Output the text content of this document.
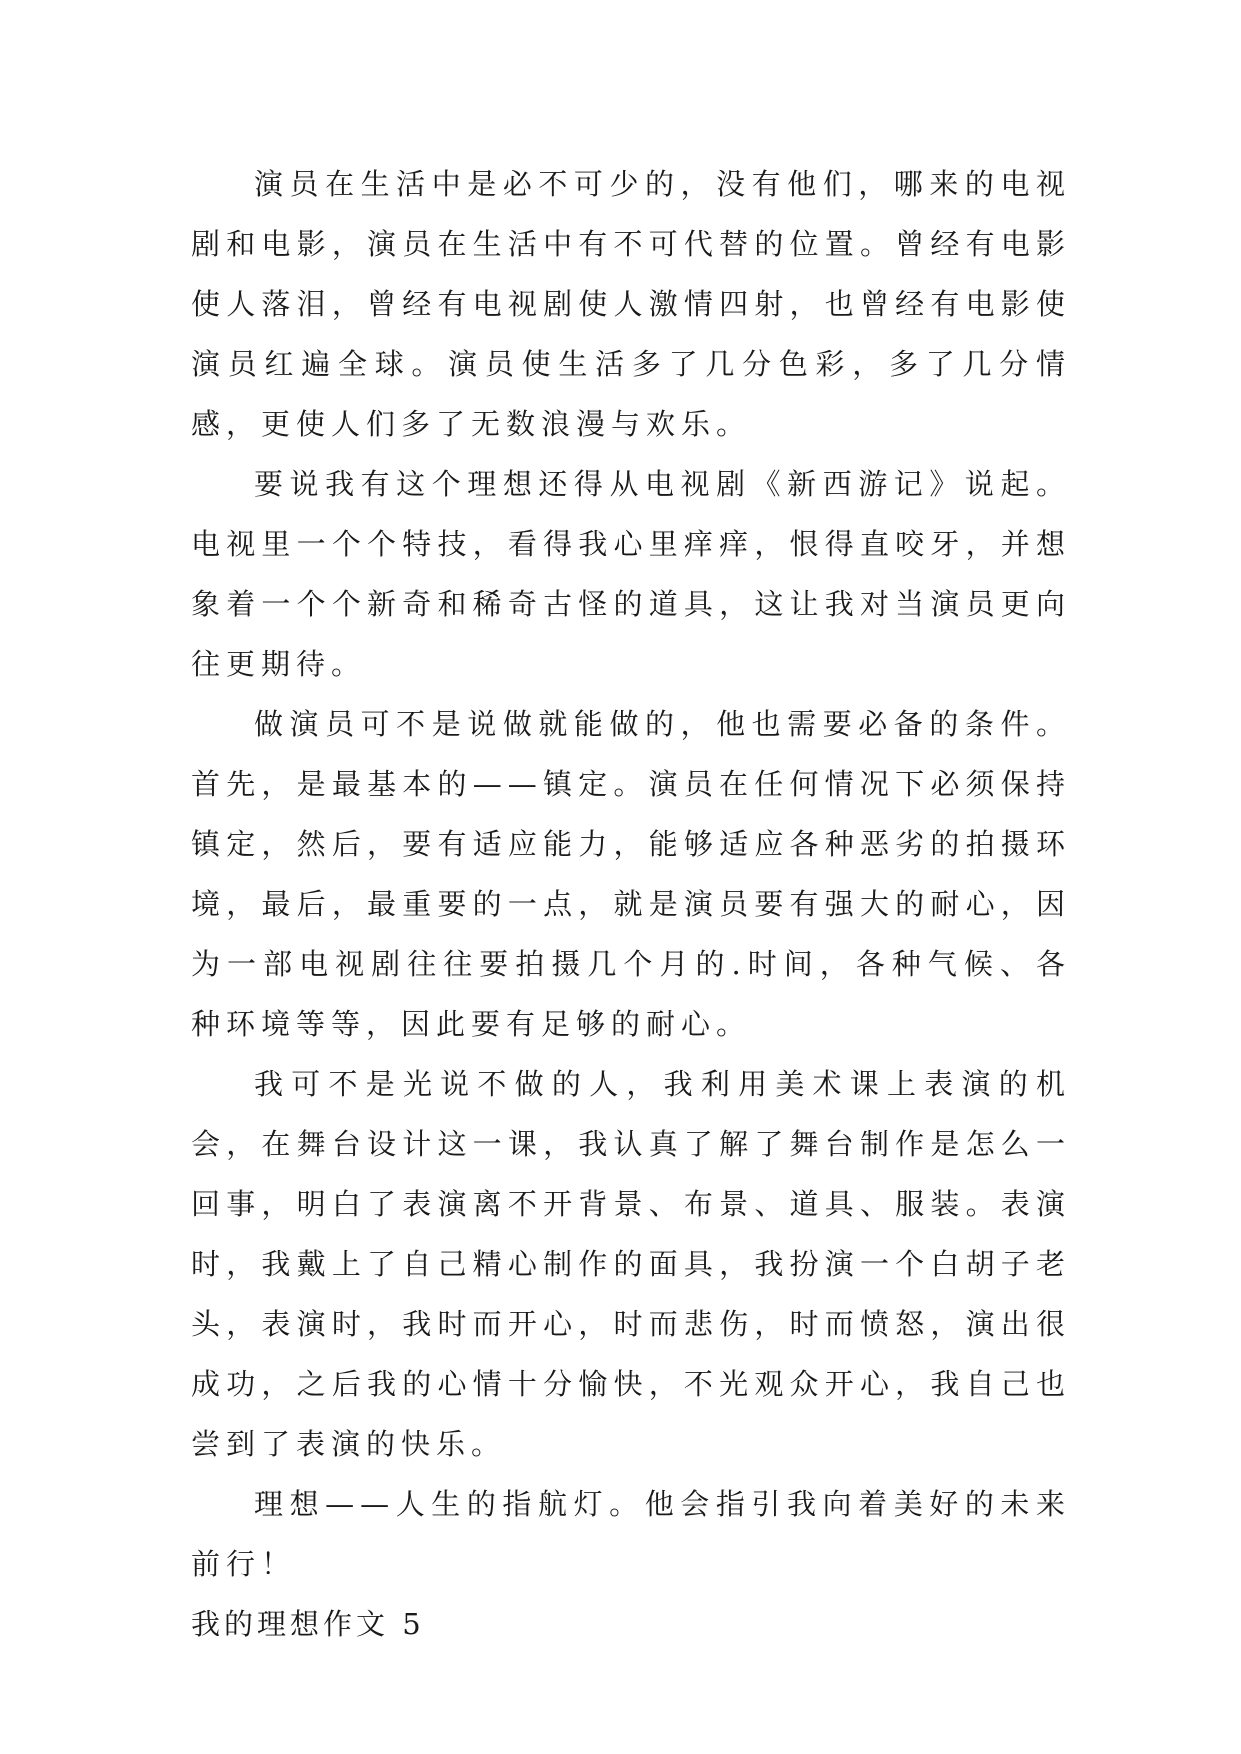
演员在生活中是必不可少的，没有他们，哪来的电视剧和电影，演员在生活中有不可代替的位置。曾经有电影使人落泪，曾经有电视剧使人激情四射，也曾经有电影使演员红遍全球。演员使生活多了几分色彩，多了几分情感，更使人们多了无数浪漫与欢乐。

要说我有这个理想还得从电视剧《新西游记》说起。电视里一个个特技，看得我心里痒痒，恨得直咬牙，并想象着一个个新奇和稀奇古怪的道具，这让我对当演员更向往更期待。

做演员可不是说做就能做的，他也需要必备的条件。首先，是最基本的——镇定。演员在任何情况下必须保持镇定，然后，要有适应能力，能够适应各种恶劣的拍摄环境，最后，最重要的一点，就是演员要有强大的耐心，因为一部电视剧往往要拍摄几个月的.时间，各种气候、各种环境等等，因此要有足够的耐心。

我可不是光说不做的人，我利用美术课上表演的机会，在舞台设计这一课，我认真了解了舞台制作是怎么一回事，明白了表演离不开背景、布景、道具、服装。表演时，我戴上了自己精心制作的面具，我扮演一个白胡子老头，表演时，我时而开心，时而悲伤，时而愤怒，演出很成功，之后我的心情十分愉快，不光观众开心，我自己也尝到了表演的快乐。

理想——人生的指航灯。他会指引我向着美好的未来前行！

我的理想作文 5
